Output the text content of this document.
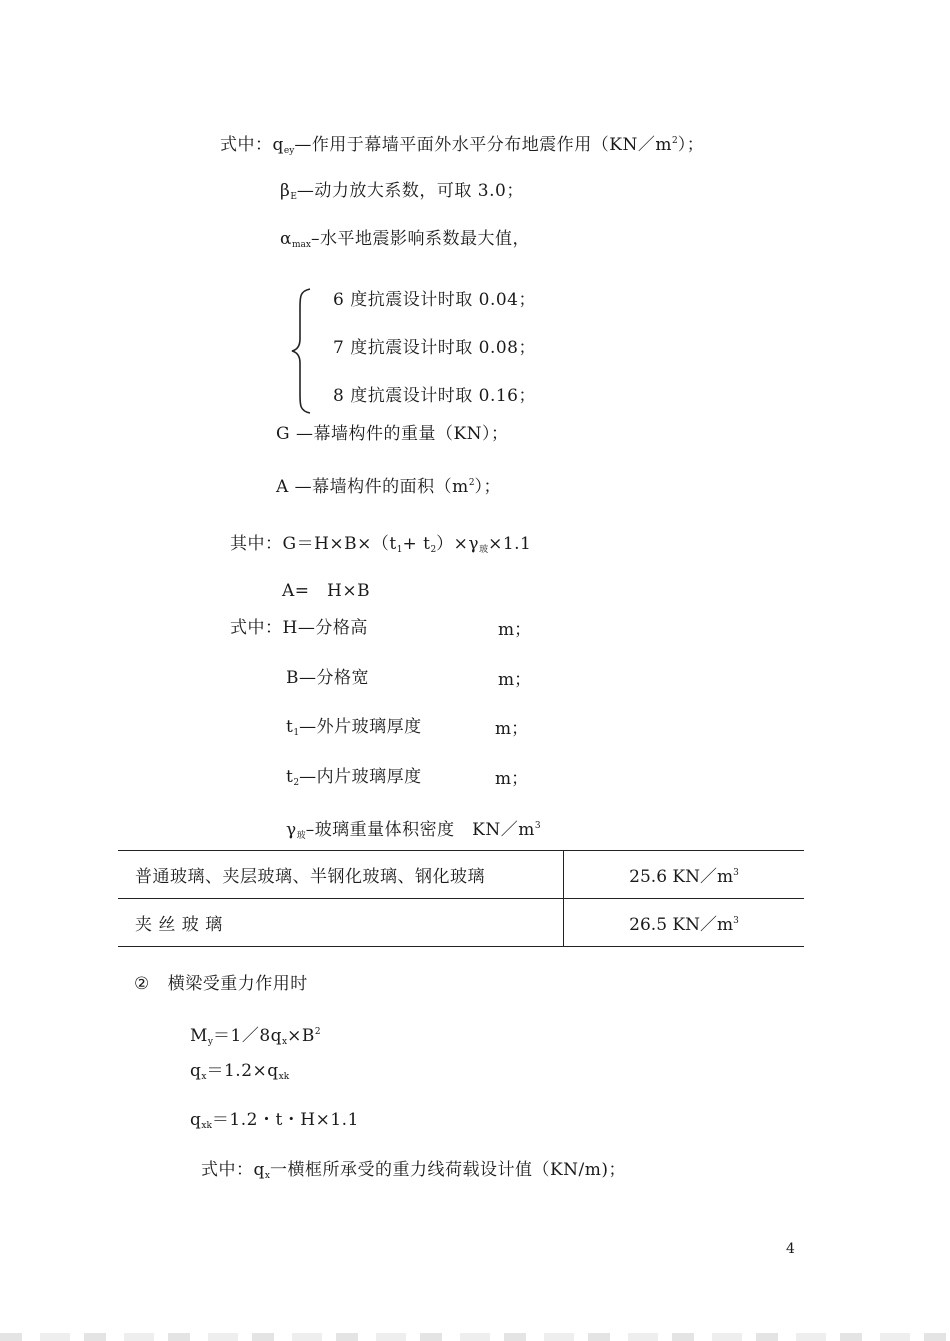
式中：$q_{ey}—$作用于幕墙平面外水平分布地震作用$(KN/m^2)$；
$\beta_E—$动力放大系数，可取 3.0；
$\alpha_{max}-$水平地震影响系数最大值，
6 度抗震设计时取 0.04；
7 度抗震设计时取 0.08；
8 度抗震设计时取 0.16；
G —幕墙构件的重量（KN）；
A —幕墙构件的面积$(m^2)$；
其中：$G=H\times B\times(t_1+ t_2)\times\gamma_玻\times 1.1$
A=　H×B
式中：H—分格高	m；
B—分格宽	m；
$t_1—$外片玻璃厚度	m；
$t_2—$内片玻璃厚度	m；
$\gamma_玻-$玻璃重量体积密度　$KN/m^3$
普通玻璃、夹层玻璃、半钢化玻璃、钢化玻璃	25.6 $KN/m^3$
夹 丝 玻 璃	26.5 $KN/m^3$
② 横梁受重力作用时
$M_y=1/8q_x\times B^2$
$q_x=1.2\times q_{xk}$
$q_{xk}=1.2$・t・H×1.1
式中：$q_x$一横框所承受的重力线荷载设计值（KN/m)；
4
